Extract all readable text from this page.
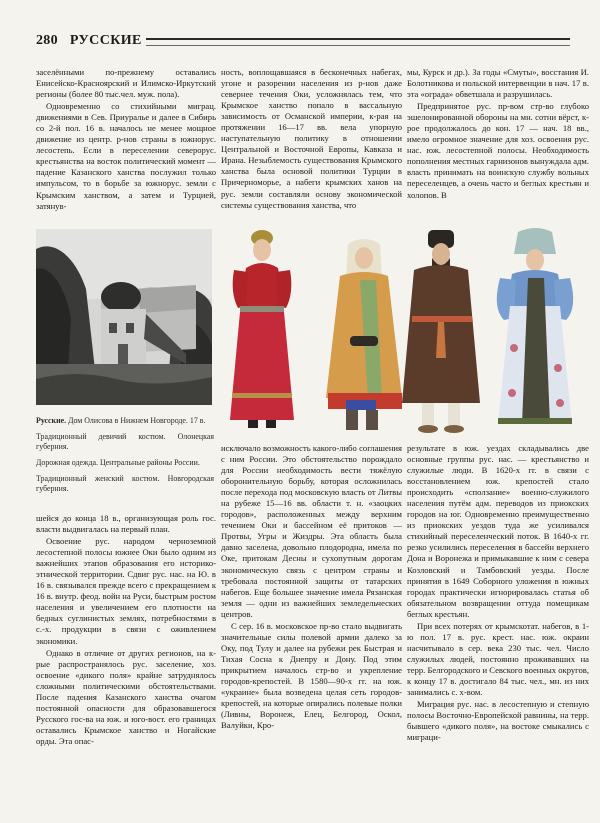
280 РУССКИЕ

заселёнными по-прежнему оставались Енисейско-Красноярский и Илимско-Иркутский регионы (более 80 тыс.чел. муж. пола).

Одновременно со стихийными миграц. движениями в Сев. Приуралье и далее в Сибирь со 2-й пол. 16 в. началось не менее мощное движение из центр. р-нов страны в южнорус. лесостепь. Если в переселении северорус. крестьянства на восток политический момент — падение Казанского ханства послужил только импульсом, то в борьбе за южнорус. земли с Крымским ханством, а затем и Турцией, затянув-

ность, воплощавшаяся в бесконечных набегах, угоне и разорении населения из р-нов даже севернее течения Оки, усложнялась тем, что Крымское ханство попало в вассальную зависимость от Османской империи, к-рая на протяжении 16—17 вв. вела упорную наступательную политику в отношении Центральной и Восточной Европы, Кавказа и Ирана. Незыблемость существования Крымского ханства была основой политики Турции в Причерноморье, а набеги крымских ханов на рус. земли составляли основу экономической системы существования ханства, что

мы, Курск и др.). За годы «Смуты», восстания И. Болотникова и польской интервенции в нач. 17 в. эта «ограда» обветшала и разрушилась.

Предпринятое рус. пр-вом стр-во глубоко эшелонированной обороны на мн. сотни вёрст, к-рое продолжалось до кон. 17 — нач. 18 вв., имело огромное значение для хоз. освоения рус. нас. юж. лесостепной полосы. Необходимость пополнения местных гарнизонов вынуждала адм. власть принимать на воинскую службу вольных переселенцев, а очень часто и беглых крестьян и холопов. В

Русские. Дом Олисова в Нижнем Новгороде. 17 в.

Традиционный девичий костюм. Олонецкая губерния.

Дорожная одежда. Центральные районы России.

Традиционный женский костюм. Новгородская губерния.

шейся до конца 18 в., организующая роль гос. власти выдвигалась на первый план.

Освоение рус. народом черноземной лесостепной полосы южнее Оки было одним из важнейших этапов образования его историко-этнической территории. Сдвиг рус. нас. на Ю. в 16 в. связывался прежде всего с прекращением к 16 в. внутр. феод. войн на Руси, быстрым ростом населения и увеличением его плотности на бедных суглинистых землях, потребностями в с.-х. продукции в связи с оживлением экономики.

Однако в отличие от других регионов, на к-рые распространялось рус. заселение, хоз. освоение «дикого поля» крайне затруднялось сложными политическими обстоятельствами. После падения Казанского ханства очагом постоянной опасности для образовавшегося Русского гос-ва на юж. и юго-вост. его границах оставались Крымское ханство и Ногайские орды. Эта опас-

исключало возможность какого-либо соглашения с ним России. Это обстоятельство порождало для России необходимость вести тяжёлую оборонительную борьбу, которая осложнилась после перехода под московскую власть от Литвы на рубеже 15—16 вв. области т. н. «заоцких городов», расположенных между верхним течением Оки и бассейном её притоков — Протвы, Угры и Жиздры. Эта область была давно заселена, довольно плодородна, имела по Оке, притокам Десны и сухопутным дорогам экономическую связь с центром страны и требовала постоянной защиты от татарских набегов. Еще большее значение имела Рязанская земля — одни из важнейших земледельческих центров.

С сер. 16 в. московское пр-во стало выдвигать значительные силы полевой армии далеко за Оку, под Тулу и далее на рубежи рек Быстрая и Тихая Сосна к Днепру и Дону. Под этим прикрытием началось стр-во и укрепление городов-крепостей. В 1580—90-х гг. на юж. «украине» была возведена целая сеть городов-крепостей, на которые опирались полевые полки (Ливны, Воронеж, Елец, Белгород, Оскол, Валуйки, Кро-

результате в юж. уездах складывались две основные группы рус. нас. — крестьянство и служилые люди. В 1620-х гг. в связи с восстановлением юж. крепостей стало происходить «сползание» военно-служилого населения путём адм. переводов из приокских городов на юг. Одновременно преимущественно из приокских уездов туда же усиливался стихийный переселенческий поток. В 1640-х гг. резко усилились переселения в бассейн верхнего Дона и Воронежа и примыкавшие к ним с севера Козловский и Тамбовский уезды. После принятия в 1649 Соборного уложения в южных городах практически игнорировалась статья об обязательном возвращении оттуда помещикам беглых крестьян.

При всех потерях от крымскотат. набегов, в 1-ю пол. 17 в. рус. крест. нас. юж. окраин насчитывало в сер. века 230 тыс. чел. Число служилых людей, постоянно проживавших на терр. Белгородского и Севского военных округов, к концу 17 в. достигало 84 тыс. чел., мн. из них занимались с. х-вом.

Миграция рус. нас. в лесостепную и степную полосы Восточно-Европейской равнины, на терр. бывшего «дикого поля», на востоке смыкались с миграци-
